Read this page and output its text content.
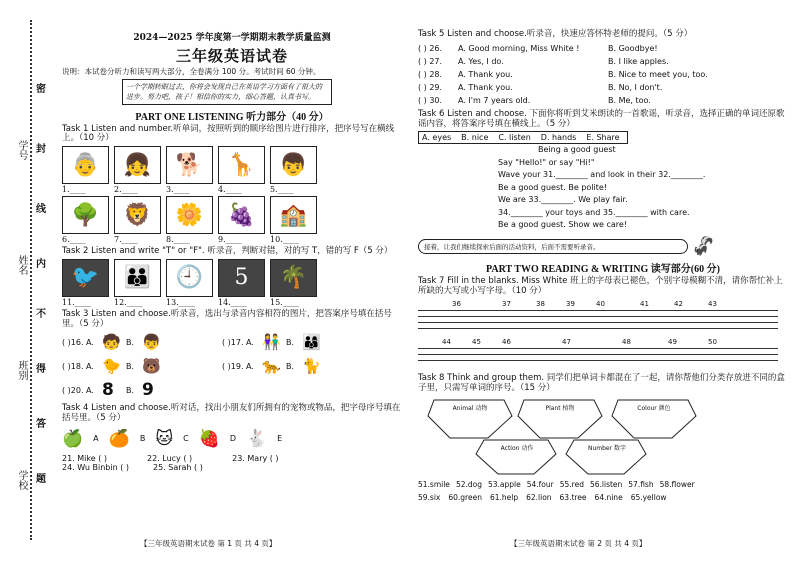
密
封
线
内
不
得
答
题
学号
姓名
班别
学校
2024—2025 学年度第一学期期末教学质量监测
三年级英语试卷
说明：本试卷分听力和读写两大部分，全卷满分 100 分。考试时间 60 分钟。
一个学期转眼过去，你将会发现自己在英语学习方面有了很大的进步。努力吧，孩子！相信你的实力，细心答题，认真书写。
PART ONE LISTENING 听力部分（40 分）
Task 1 Listen and number.听单词，按照听到的顺序给图片进行排序，把序号写在横线上。（10 分）
👵	👧	🐕	🦒	👦
1.____	2.____	3.____	4.____	5.____
🌳	🦁	🌼	🍇	🏫
6.____	7.____	8.____	9.____	10.____
Task 2 Listen and write "T" or "F". 听录音，判断对错，对的写 T，错的写 F（5 分）
🐦	👪	🕘	5	🌴
11.____	12.____	13.____	14.____	15.____
Task 3 Listen and choose.听录音，选出与录音内容相符的图片，把答案序号填在括号里。（5 分）
( )16. A. 🧒 B. 👦	( )17. A. 👫 B. 👨‍👩‍👦
( )18. A. 🐤 B. 🐻	( )19. A. 🐆 B. 🐈
( )20. A. 8	B. 9
Task 4 Listen and choose.听对话，找出小朋友们所拥有的宠物或物品，把字母序号填在括号里。（5 分）
🍏 A 🍊 B 🐱 C 🍓 D 🐇 E
21. Mike ( )	22. Lucy ( )	23. Mary ( )
24. Wu Binbin ( )	25. Sarah ( )
【三年级英语期末试卷 第 1 页 共 4 页】
Task 5 Listen and choose.听录音，快速应答怀特老师的提问。（5 分）
( ) 26.	A. Good morning, Miss White !	B. Goodbye!
( ) 27.	A. Yes, I do.	B. I like apples.
( ) 28.	A. Thank you.	B. Nice to meet you, too.
( ) 29.	A. Thank you.	B. No, I don't.
( ) 30.	A. I'm 7 years old.	B. Me, too.
Task 6 Listen and choose. 下面你将听到艾米朗读的一首歌谣，听录音，选择正确的单词还原歌谣内容，将答案序号填在横线上。（5 分）
A. eyes B. nice C. listen D. hands E. Share
Being a good guest
Say "Hello!" or say "Hi!"
Wave your 31.________ and look in their 32.________.
Be a good guest. Be polite!
We are 33.________. We play fair.
34.________ your toys and 35.________ with care.
Be a good guest. Show we care!
接着，让我们继续探索后面的活动资料，后面不需要听录音。	🦨
PART TWO READING & WRITING 读写部分(60 分)
Task 7 Fill in the blanks. Miss White 班上的字母表已褪色，个别字母模糊不清，请你帮忙补上所缺的大写或小写字母。（10 分）
36	37	38	39	40	41	42	43
44	45	46	47	48	49	50
Task 8 Think and group them. 同学们把单词卡都混在了一起，请你帮他们分类存放进不同的盒子里，只需写单词的序号。（15 分）
Animal 动物	Plant 植物	Colour 颜色
Action 动作	Number 数字
51.smile 52.dog 53.apple 54.four 55.red 56.listen 57.fish 58.flower
59.six 60.green 61.help 62.lion 63.tree 64.nine 65.yellow
【三年级英语期末试卷 第 2 页 共 4 页】
